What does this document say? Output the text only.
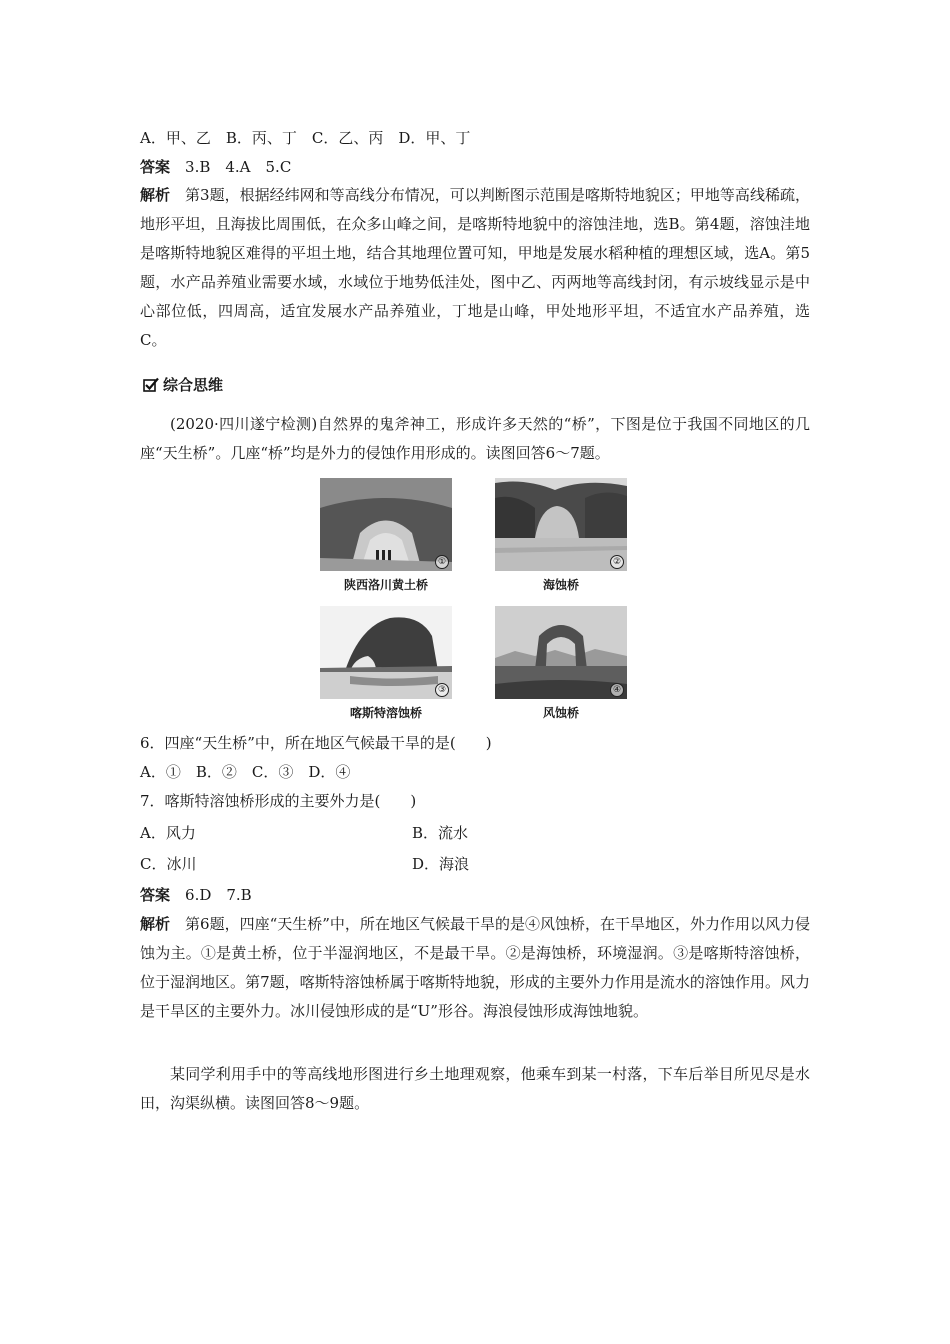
A．甲、乙　B．丙、丁　C．乙、丙　D．甲、丁
答案　 3.B　4.A　5.C
解析　 第3题，根据经纬网和等高线分布情况，可以判断图示范围是喀斯特地貌区；甲地等高线稀疏，地形平坦，且海拔比周围低，在众多山峰之间，是喀斯特地貌中的溶蚀洼地，选B。第4题，溶蚀洼地是喀斯特地貌区难得的平坦土地，结合其地理位置可知，甲地是发展水稻种植的理想区域，选A。第5题，水产品养殖业需要水域，水域位于地势低洼处，图中乙、丙两地等高线封闭，有示坡线显示是中心部位低，四周高，适宜发展水产品养殖业，丁地是山峰，甲处地形平坦，不适宜水产品养殖，选C。
综合思维
(2020·四川遂宁检测)自然界的鬼斧神工，形成许多天然的“桥”，下图是位于我国不同地区的几座“天生桥”。几座“桥”均是外力的侵蚀作用形成的。读图回答6～7题。
①
陕西洛川黄土桥
②
海蚀桥
③
喀斯特溶蚀桥
④
风蚀桥
6．四座“天生桥”中，所在地区气候最干旱的是(　　)
A．①　B．②　C．③　D．④
7．喀斯特溶蚀桥形成的主要外力是(　　)
A．风力	B．流水
C．冰川	D．海浪
答案　 6.D　7.B
解析　 第6题，四座“天生桥”中，所在地区气候最干旱的是④风蚀桥，在干旱地区，外力作用以风力侵蚀为主。①是黄土桥，位于半湿润地区，不是最干旱。②是海蚀桥，环境湿润。③是喀斯特溶蚀桥，位于湿润地区。第7题，喀斯特溶蚀桥属于喀斯特地貌，形成的主要外力作用是流水的溶蚀作用。风力是干旱区的主要外力。冰川侵蚀形成的是“U”形谷。海浪侵蚀形成海蚀地貌。
某同学利用手中的等高线地形图进行乡土地理观察，他乘车到某一村落，下车后举目所见尽是水田，沟渠纵横。读图回答8～9题。
